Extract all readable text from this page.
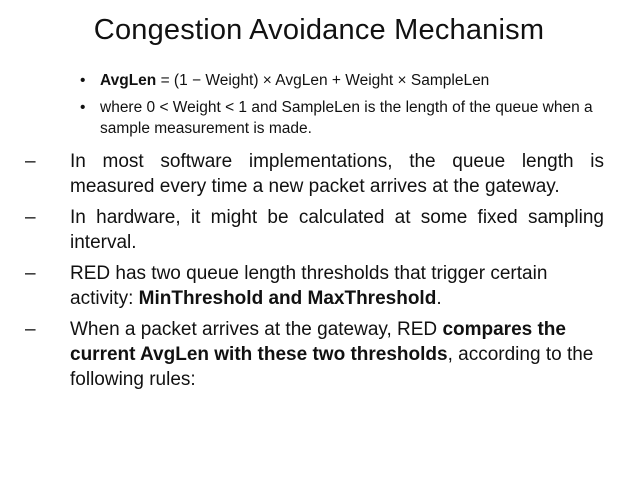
Congestion Avoidance Mechanism
• AvgLen = (1 − Weight) × AvgLen + Weight × SampleLen
• where 0 < Weight < 1 and SampleLen is the length of the queue when a sample measurement is made.
– In most software implementations, the queue length is measured every time a new packet arrives at the gateway.
– In hardware, it might be calculated at some fixed sampling interval.
– RED has two queue length thresholds that trigger certain activity: MinThreshold and MaxThreshold.
– When a packet arrives at the gateway, RED compares the current AvgLen with these two thresholds, according to the following rules:
